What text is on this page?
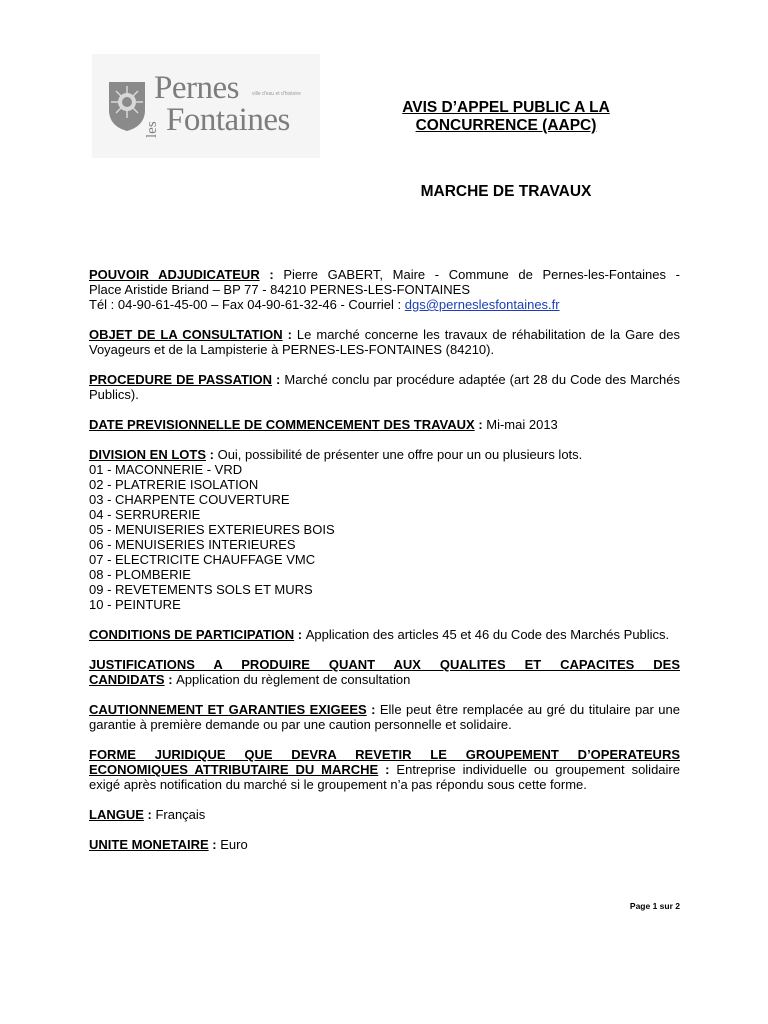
Pernes	ville d'eau et d'histoire
les Fontaines	AVIS D’APPEL PUBLIC A LA
CONCURRENCE (AAPC)
MARCHE DE TRAVAUX
POUVOIR ADJUDICATEUR : Pierre GABERT, Maire - Commune de Pernes-les-Fontaines -
Place Aristide Briand – BP 77 - 84210 PERNES-LES-FONTAINES
Tél : 04-90-61-45-00 – Fax 04-90-61-32-46 - Courriel : dgs@perneslesfontaines.fr
OBJET DE LA CONSULTATION : Le marché concerne les travaux de réhabilitation de la Gare des Voyageurs et de la Lampisterie à PERNES-LES-FONTAINES (84210).
PROCEDURE DE PASSATION : Marché conclu par procédure adaptée (art 28 du Code des Marchés Publics).
DATE PREVISIONNELLE DE COMMENCEMENT DES TRAVAUX : Mi-mai 2013
DIVISION EN LOTS : Oui, possibilité de présenter une offre pour un ou plusieurs lots.
01 - MACONNERIE - VRD
02 - PLATRERIE ISOLATION
03 - CHARPENTE COUVERTURE
04 - SERRURERIE
05 - MENUISERIES EXTERIEURES BOIS
06 - MENUISERIES INTERIEURES
07 - ELECTRICITE CHAUFFAGE VMC
08 - PLOMBERIE
09 - REVETEMENTS SOLS ET MURS
10 - PEINTURE
CONDITIONS DE PARTICIPATION : Application des articles 45 et 46 du Code des Marchés Publics.
JUSTIFICATIONS A PRODUIRE QUANT AUX QUALITES ET CAPACITES DES
CANDIDATS : Application du règlement de consultation
CAUTIONNEMENT ET GARANTIES EXIGEES : Elle peut être remplacée au gré du titulaire par une garantie à première demande ou par une caution personnelle et solidaire.
FORME JURIDIQUE QUE DEVRA REVETIR LE GROUPEMENT D’OPERATEURS
ECONOMIQUES ATTRIBUTAIRE DU MARCHE : Entreprise individuelle ou groupement solidaire exigé après notification du marché si le groupement n’a pas répondu sous cette forme.
LANGUE : Français
UNITE MONETAIRE : Euro
Page 1 sur 2
